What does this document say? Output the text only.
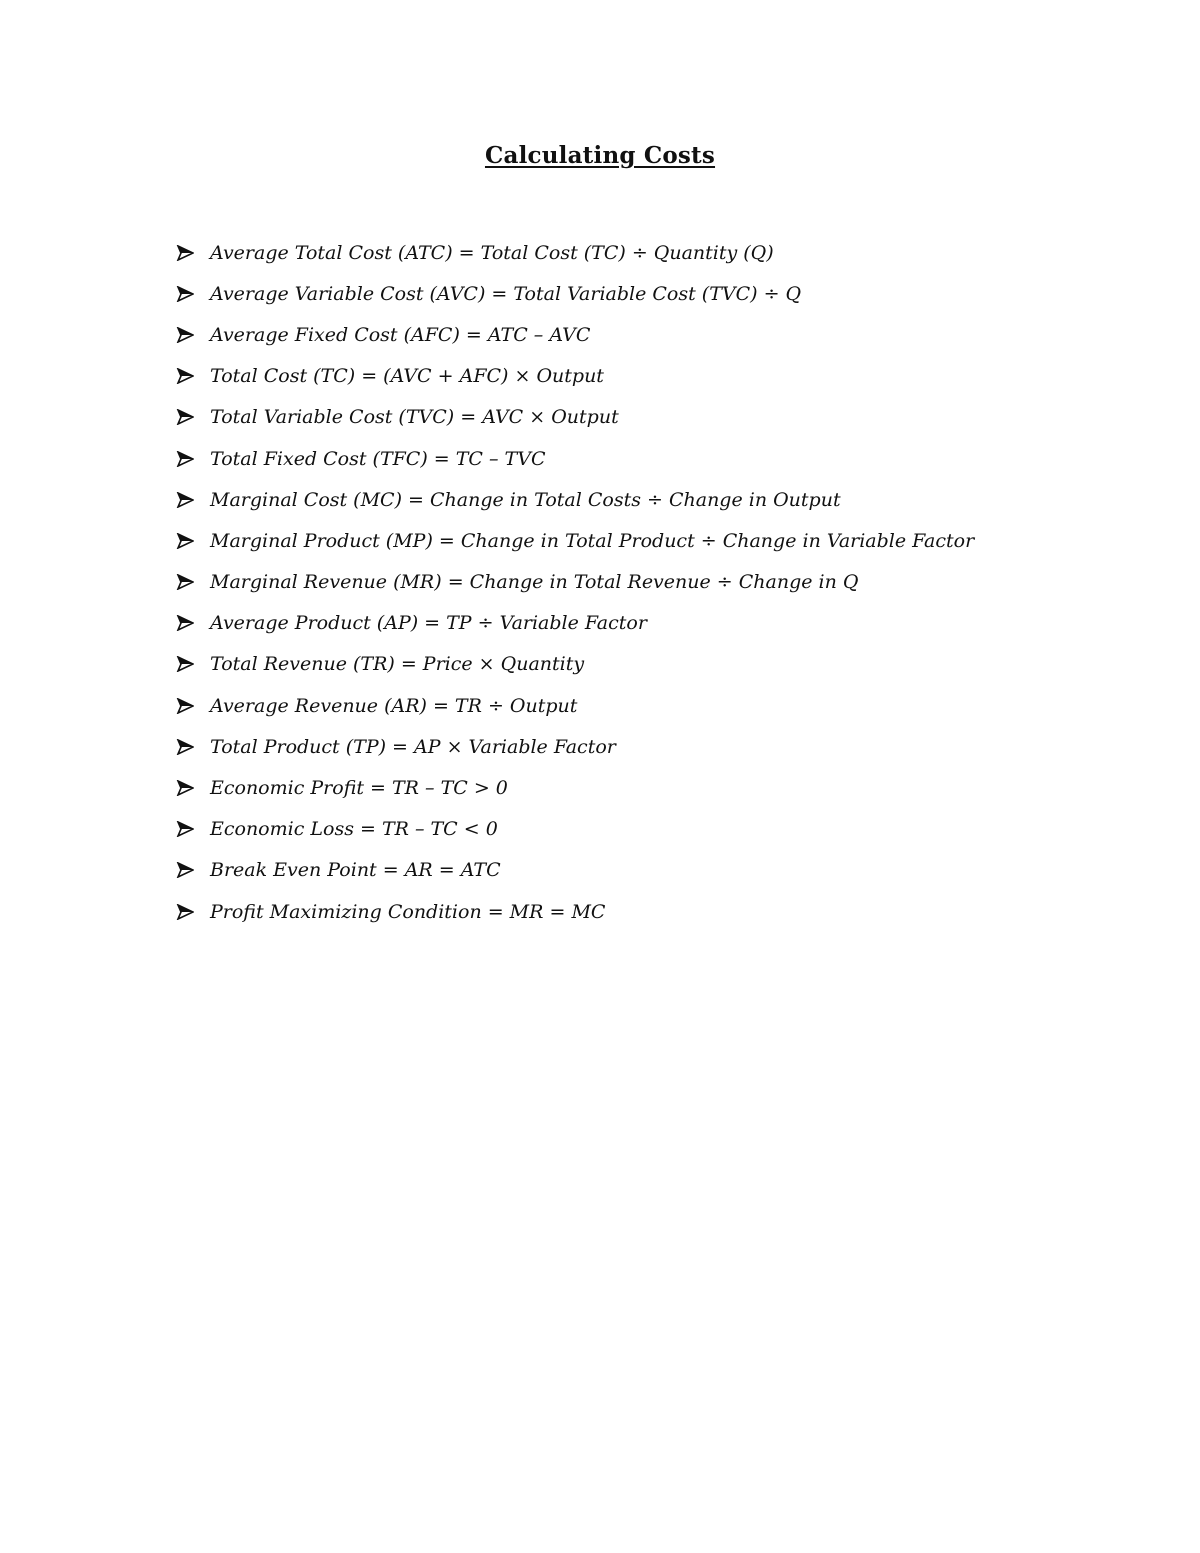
Calculating Costs
Average Total Cost (ATC) = Total Cost (TC) ÷ Quantity (Q)
Average Variable Cost (AVC) = Total Variable Cost (TVC) ÷ Q
Average Fixed Cost (AFC) = ATC – AVC
Total Cost (TC) = (AVC + AFC) × Output
Total Variable Cost (TVC) = AVC × Output
Total Fixed Cost (TFC) = TC – TVC
Marginal Cost (MC) = Change in Total Costs ÷ Change in Output
Marginal Product (MP) = Change in Total Product ÷ Change in Variable Factor
Marginal Revenue (MR) = Change in Total Revenue ÷ Change in Q
Average Product (AP) = TP ÷ Variable Factor
Total Revenue (TR) = Price × Quantity
Average Revenue (AR) = TR ÷ Output
Total Product (TP) = AP × Variable Factor
Economic Profit = TR – TC > 0
Economic Loss = TR – TC < 0
Break Even Point = AR = ATC
Profit Maximizing Condition = MR = MC
